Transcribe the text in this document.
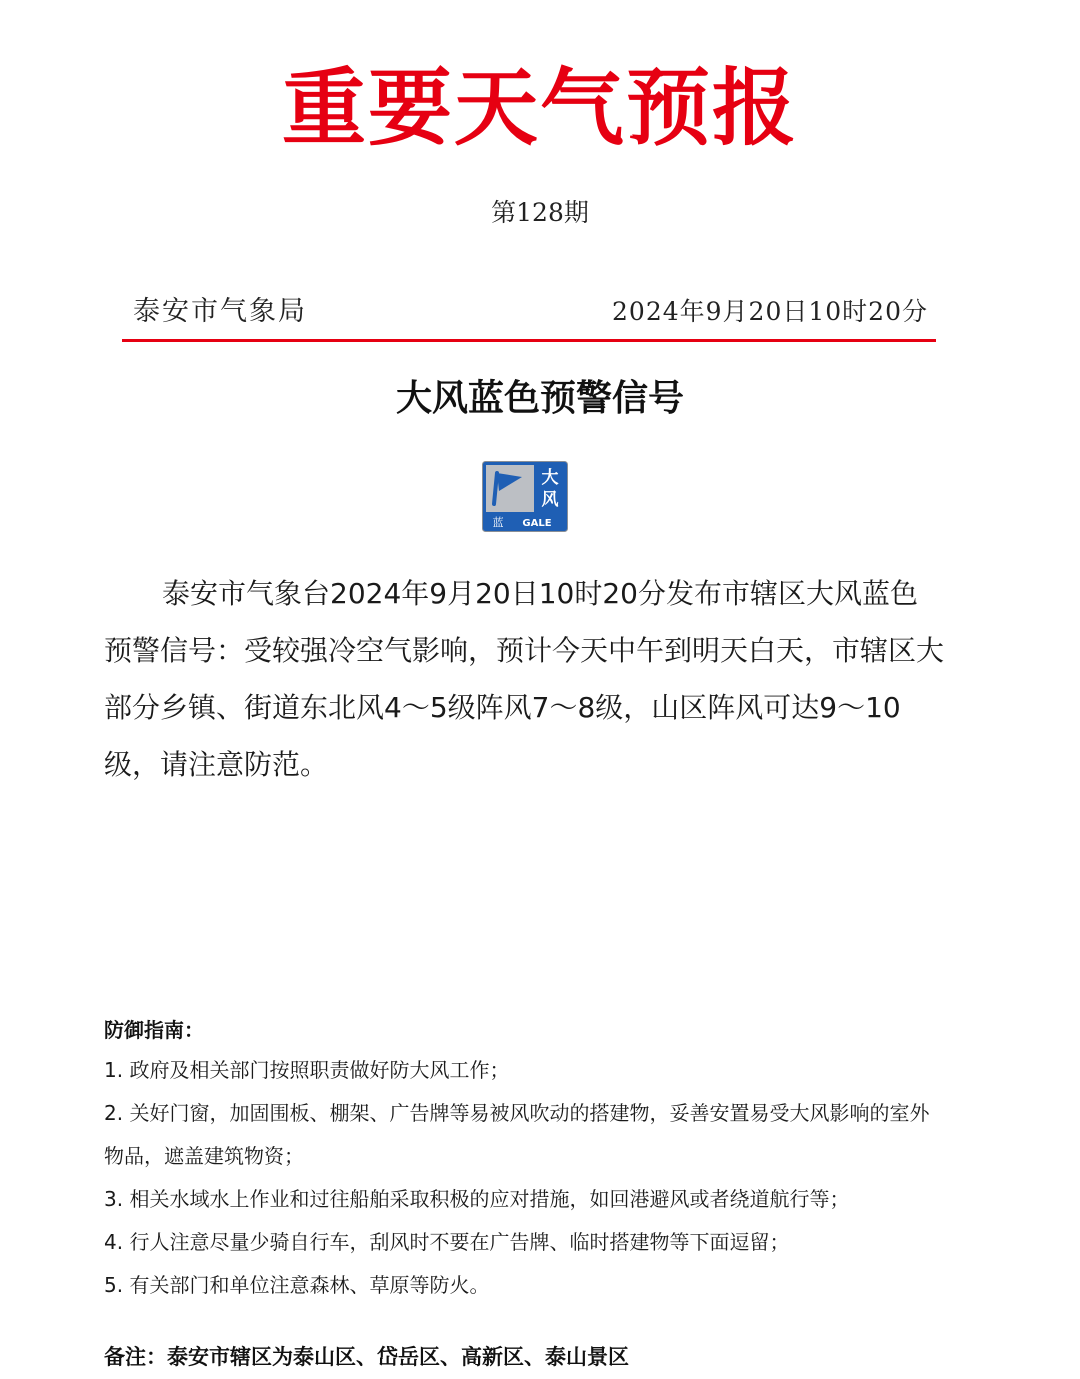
重要天气预报
第128期
泰安市气象局	2024年9月20日10时20分
大风蓝色预警信号
大
风
蓝 GALE
泰安市气象台2024年9月20日10时20分发布市辖区大风蓝色预警信号：受较强冷空气影响，预计今天中午到明天白天，市辖区大部分乡镇、街道东北风4～5级阵风7～8级，山区阵风可达9～10级，请注意防范。
防御指南：
1. 政府及相关部门按照职责做好防大风工作；
2. 关好门窗，加固围板、棚架、广告牌等易被风吹动的搭建物，妥善安置易受大风影响的室外物品，遮盖建筑物资；
3. 相关水域水上作业和过往船舶采取积极的应对措施，如回港避风或者绕道航行等；
4. 行人注意尽量少骑自行车，刮风时不要在广告牌、临时搭建物等下面逗留；
5. 有关部门和单位注意森林、草原等防火。
备注：泰安市辖区为泰山区、岱岳区、高新区、泰山景区
